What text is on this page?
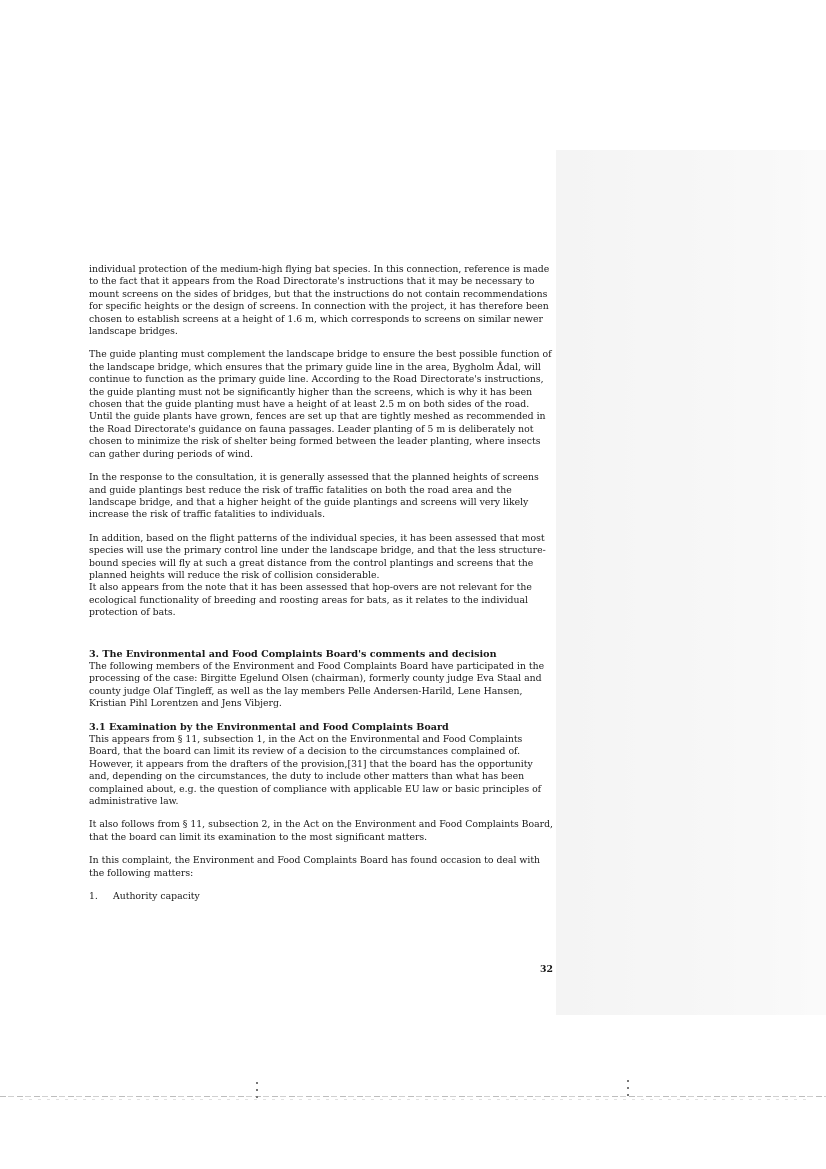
individual protection of the medium-high flying bat species. In this connection, reference is made to the fact that it appears from the Road Directorate's instructions that it may be necessary to mount screens on the sides of bridges, but that the instructions do not contain recommendations for specific heights or the design of screens. In connection with the project, it has therefore been chosen to establish screens at a height of 1.6 m, which corresponds to screens on similar newer landscape bridges.

The guide planting must complement the landscape bridge to ensure the best possible function of the landscape bridge, which ensures that the primary guide line in the area, Bygholm Ådal, will continue to function as the primary guide line. According to the Road Directorate's instructions, the guide planting must not be significantly higher than the screens, which is why it has been chosen that the guide planting must have a height of at least 2.5 m on both sides of the road. Until the guide plants have grown, fences are set up that are tightly meshed as recommended in the Road Directorate's guidance on fauna passages. Leader planting of 5 m is deliberately not chosen to minimize the risk of shelter being formed between the leader planting, where insects can gather during periods of wind.

In the response to the consultation, it is generally assessed that the planned heights of screens and guide plantings best reduce the risk of traffic fatalities on both the road area and the landscape bridge, and that a higher height of the guide plantings and screens will very likely increase the risk of traffic fatalities to individuals.

In addition, based on the flight patterns of the individual species, it has been assessed that most species will use the primary control line under the landscape bridge, and that the less structure-bound species will fly at such a great distance from the control plantings and screens that the planned heights will reduce the risk of collision considerable.

It also appears from the note that it has been assessed that hop-overs are not relevant for the ecological functionality of breeding and roosting areas for bats, as it relates to the individual protection of bats.

3. The Environmental and Food Complaints Board's comments and decision

The following members of the Environment and Food Complaints Board have participated in the processing of the case: Birgitte Egelund Olsen (chairman), formerly county judge Eva Staal and county judge Olaf Tingleff, as well as the lay members Pelle Andersen-Harild, Lene Hansen, Kristian Pihl Lorentzen and Jens Vibjerg.

3.1 Examination by the Environmental and Food Complaints Board

This appears from § 11, subsection 1, in the Act on the Environmental and Food Complaints Board, that the board can limit its review of a decision to the circumstances complained of. However, it appears from the drafters of the provision,[31] that the board has the opportunity and, depending on the circumstances, the duty to include other matters than what has been complained about, e.g. the question of compliance with applicable EU law or basic principles of administrative law.

It also follows from § 11, subsection 2, in the Act on the Environment and Food Complaints Board, that the board can limit its examination to the most significant matters.

In this complaint, the Environment and Food Complaints Board has found occasion to deal with the following matters:

1.	Authority capacity
32
